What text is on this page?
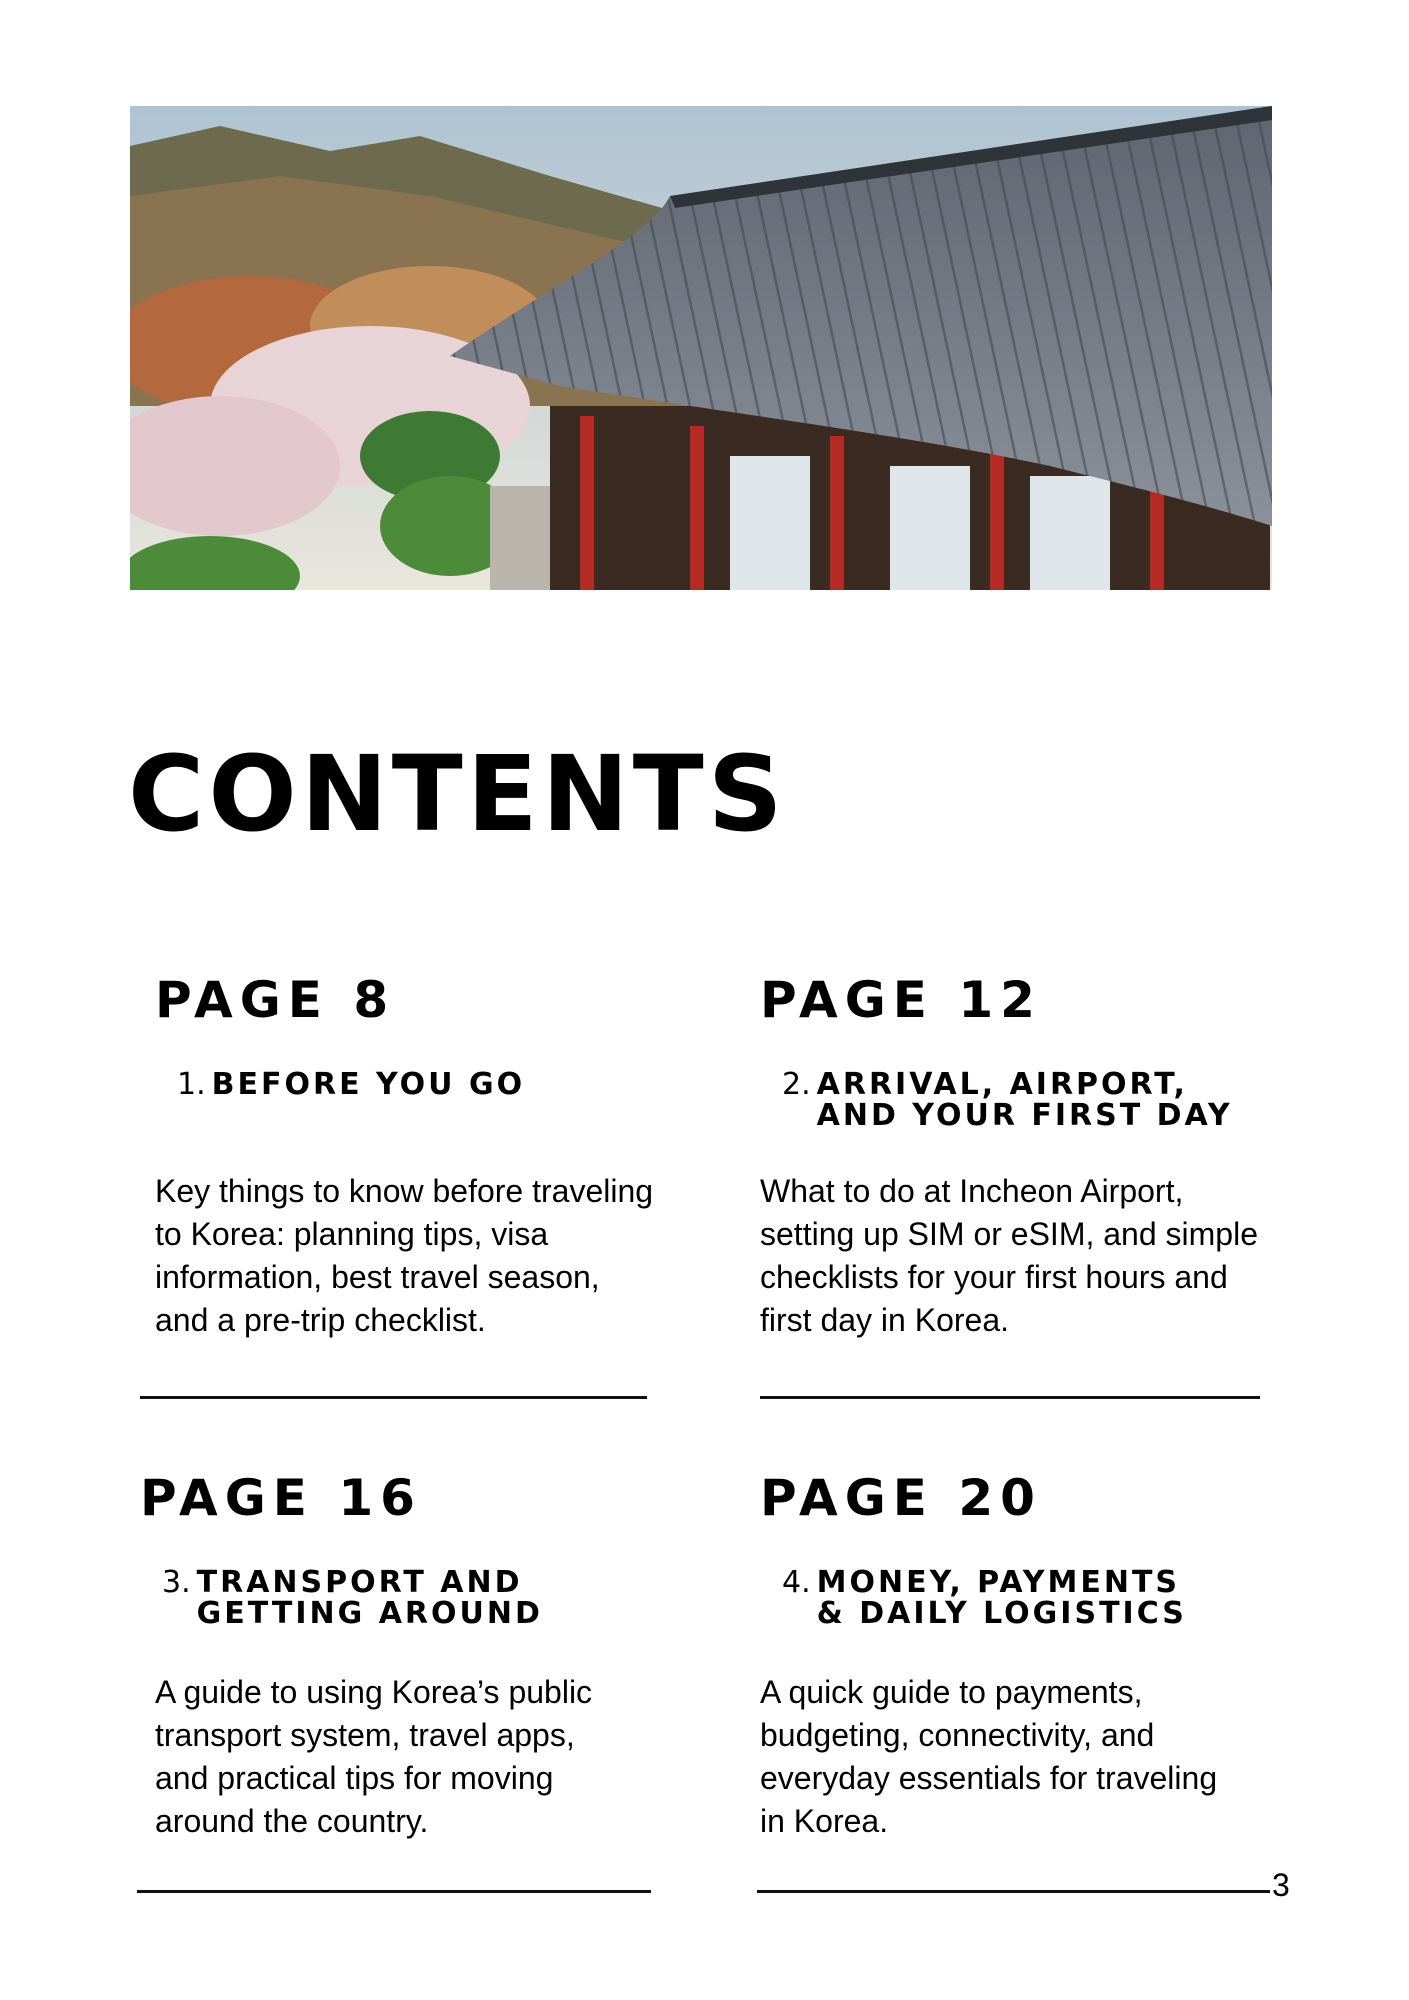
CONTENTS
PAGE 8
1. BEFORE YOU GO
Key things to know before traveling to Korea: planning tips, visa information, best travel season, and a pre-trip checklist.
PAGE 12
2. ARRIVAL, AIRPORT,
AND YOUR FIRST DAY
What to do at Incheon Airport, setting up SIM or eSIM, and simple checklists for your first hours and first day in Korea.
PAGE 16
3. TRANSPORT AND
GETTING AROUND
A guide to using Korea’s public transport system, travel apps, and practical tips for moving around the country.
PAGE 20
4. MONEY, PAYMENTS
& DAILY LOGISTICS
A quick guide to payments, budgeting, connectivity, and everyday essentials for traveling in Korea.
3
